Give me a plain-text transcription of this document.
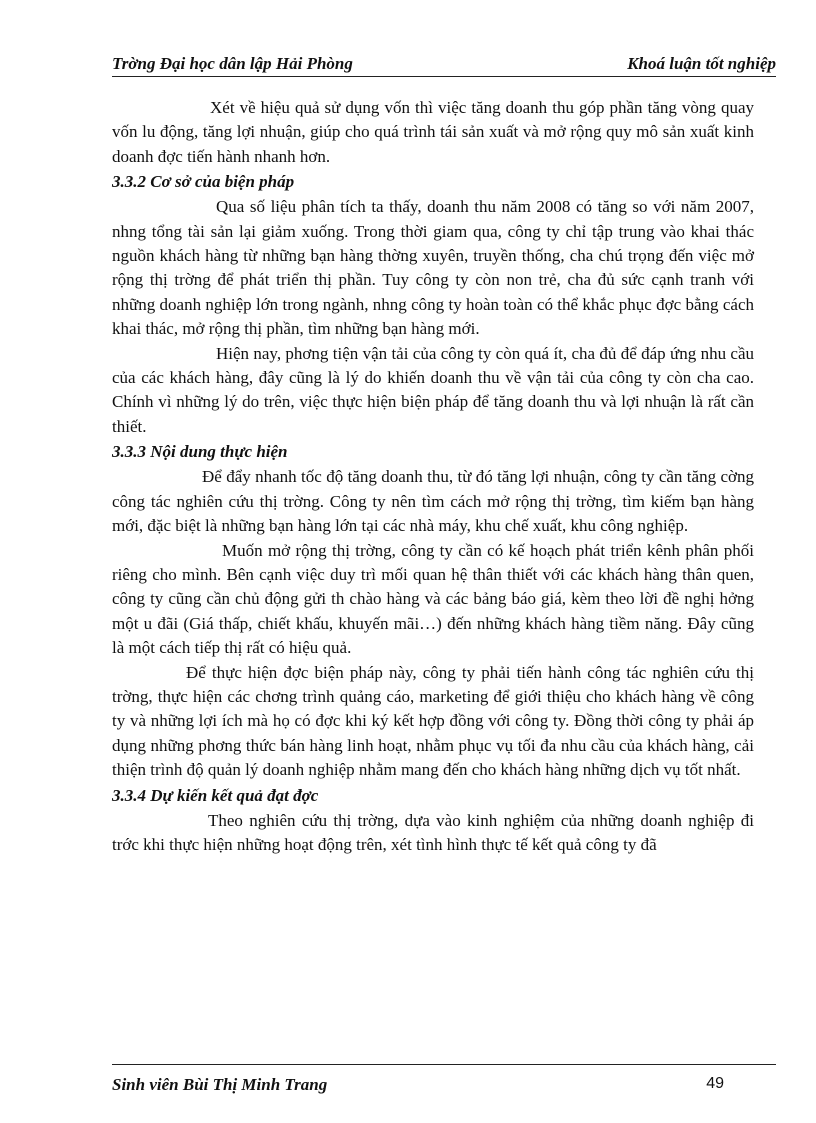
Trờng Đại học dân lập Hải Phòng	Khoá luận tốt nghiệp

Xét về hiệu quả sử dụng vốn thì việc tăng doanh thu góp phần tăng vòng quay vốn lu động, tăng lợi nhuận, giúp cho quá trình tái sản xuất và mở rộng quy mô sản xuất kinh doanh đợc tiến hành nhanh hơn.

3.3.2 Cơ sở của biện pháp

Qua số liệu phân tích ta thấy, doanh thu năm 2008 có tăng so với năm 2007, nhng tổng tài sản lại giảm xuống. Trong thời giam qua, công ty chỉ tập trung vào khai thác nguồn khách hàng từ những bạn hàng thờng xuyên, truyền thống, cha chú trọng đến việc mở rộng thị trờng để phát triển thị phần. Tuy công ty còn non trẻ, cha đủ sức cạnh tranh với những doanh nghiệp lớn trong ngành, nhng công ty hoàn toàn có thể khắc phục đợc bằng cách khai thác, mở rộng thị phần, tìm những bạn hàng mới.

Hiện nay, phơng tiện vận tải của công ty còn quá ít, cha đủ để đáp ứng nhu cầu của các khách hàng, đây cũng là lý do khiến doanh thu về vận tải của công ty còn cha cao. Chính vì những lý do trên, việc thực hiện biện pháp để tăng doanh thu và lợi nhuận là rất cần thiết.

3.3.3 Nội dung thực hiện

Để đẩy nhanh tốc độ tăng doanh thu, từ đó tăng lợi nhuận, công ty cần tăng cờng công tác nghiên cứu thị trờng. Công ty nên tìm cách mở rộng thị trờng, tìm kiếm bạn hàng mới, đặc biệt là những bạn hàng lớn tại các nhà máy, khu chế xuất, khu công nghiệp.

Muốn mở rộng thị trờng, công ty cần có kế hoạch phát triển kênh phân phối riêng cho mình. Bên cạnh việc duy trì mối quan hệ thân thiết với các khách hàng thân quen, công ty cũng cần chủ động gửi th chào hàng và các bảng báo giá, kèm theo lời đề nghị hởng một u đãi (Giá thấp, chiết khấu, khuyến mãi…) đến những khách hàng tiềm năng. Đây cũng là một cách tiếp thị rất có hiệu quả.

Để thực hiện đợc biện pháp này, công ty phải tiến hành công tác nghiên cứu thị trờng, thực hiện các chơng trình quảng cáo, marketing để giới thiệu cho khách hàng về công ty và những lợi ích mà họ có đợc khi ký kết hợp đồng với công ty. Đồng thời công ty phải áp dụng những phơng thức bán hàng linh hoạt, nhằm phục vụ tối đa nhu cầu của khách hàng, cải thiện trình độ quản lý doanh nghiệp nhằm mang đến cho khách hàng những dịch vụ tốt nhất.

3.3.4 Dự kiến kết quả đạt đợc

Theo nghiên cứu thị trờng, dựa vào kinh nghiệm của những doanh nghiệp đi trớc khi thực hiện những hoạt động trên, xét tình hình thực tế kết quả công ty đã

Sinh viên Bùi Thị Minh Trang	49
